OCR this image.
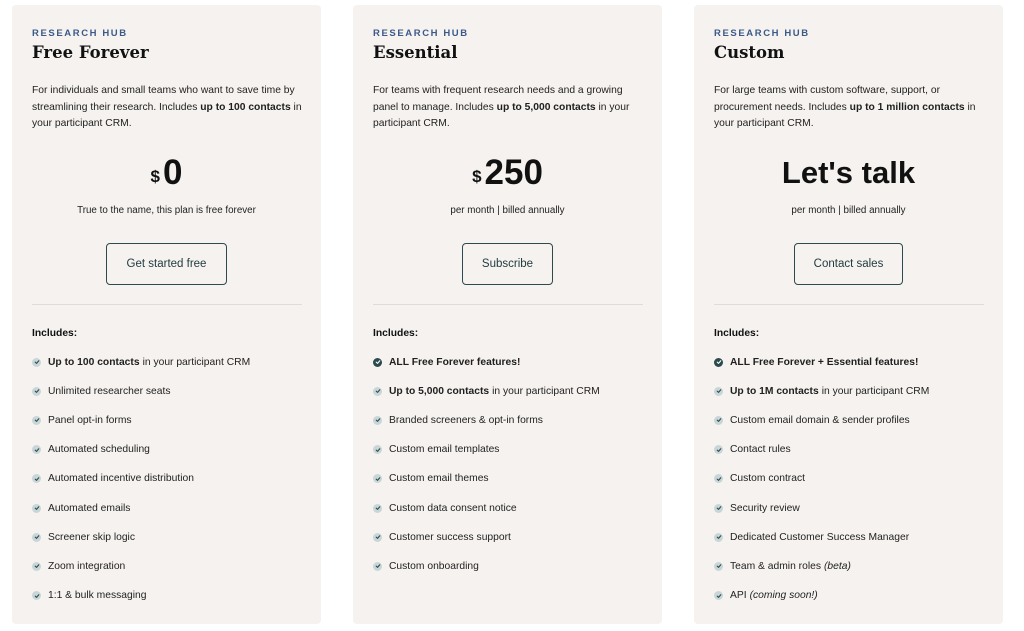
RESEARCH HUB
Free Forever

For individuals and small teams who want to save time by streamlining their research. Includes up to 100 contacts in your participant CRM.

$0
True to the name, this plan is free forever
Get started free
Includes:
Up to 100 contacts in your participant CRM
Unlimited researcher seats
Panel opt-in forms
Automated scheduling
Automated incentive distribution
Automated emails
Screener skip logic
Zoom integration
1:1 & bulk messaging
RESEARCH HUB
Essential

For teams with frequent research needs and a growing panel to manage. Includes up to 5,000 contacts in your participant CRM.

$250
per month | billed annually
Subscribe
Includes:
ALL Free Forever features!
Up to 5,000 contacts in your participant CRM
Branded screeners & opt-in forms
Custom email templates
Custom email themes
Custom data consent notice
Customer success support
Custom onboarding
RESEARCH HUB
Custom

For large teams with custom software, support, or procurement needs. Includes up to 1 million contacts in your participant CRM.

Let's talk
per month | billed annually
Contact sales
Includes:
ALL Free Forever + Essential features!
Up to 1M contacts in your participant CRM
Custom email domain & sender profiles
Contact rules
Custom contract
Security review
Dedicated Customer Success Manager
Team & admin roles (beta)
API (coming soon!)
